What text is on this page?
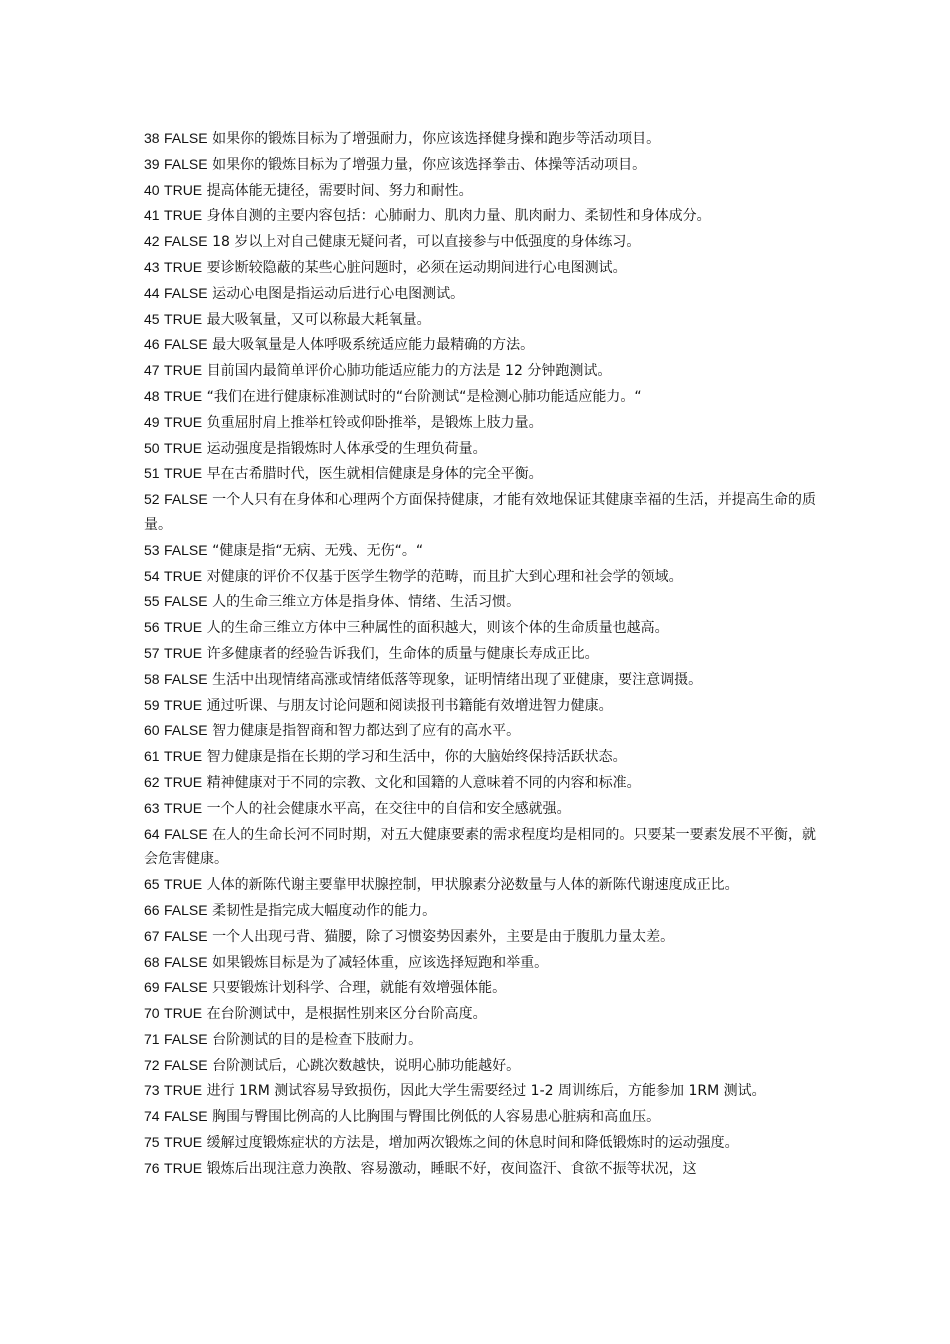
38 FALSE 如果你的锻炼目标为了增强耐力，你应该选择健身操和跑步等活动项目。

39 FALSE 如果你的锻炼目标为了增强力量，你应该选择拳击、体操等活动项目。

40 TRUE 提高体能无捷径，需要时间、努力和耐性。

41 TRUE 身体自测的主要内容包括：心肺耐力、肌肉力量、肌肉耐力、柔韧性和身体成分。

42 FALSE 18 岁以上对自己健康无疑问者，可以直接参与中低强度的身体练习。

43 TRUE 要诊断较隐蔽的某些心脏问题时，必须在运动期间进行心电图测试。

44 FALSE 运动心电图是指运动后进行心电图测试。

45 TRUE 最大吸氧量，又可以称最大耗氧量。

46 FALSE 最大吸氧量是人体呼吸系统适应能力最精确的方法。

47 TRUE 目前国内最简单评价心肺功能适应能力的方法是 12 分钟跑测试。

48 TRUE “我们在进行健康标准测试时的“台阶测试“是检测心肺功能适应能力。“

49 TRUE 负重屈肘肩上推举杠铃或仰卧推举，是锻炼上肢力量。

50 TRUE 运动强度是指锻炼时人体承受的生理负荷量。

51 TRUE 早在古希腊时代，医生就相信健康是身体的完全平衡。

52 FALSE 一个人只有在身体和心理两个方面保持健康，才能有效地保证其健康幸福的生活，并提高生命的质量。

53 FALSE “健康是指“无病、无残、无伤“。“

54 TRUE 对健康的评价不仅基于医学生物学的范畴，而且扩大到心理和社会学的领域。

55 FALSE 人的生命三维立方体是指身体、情绪、生活习惯。

56 TRUE 人的生命三维立方体中三种属性的面积越大，则该个体的生命质量也越高。

57 TRUE 许多健康者的经验告诉我们，生命体的质量与健康长寿成正比。

58 FALSE 生活中出现情绪高涨或情绪低落等现象，证明情绪出现了亚健康，要注意调摄。

59 TRUE 通过听课、与朋友讨论问题和阅读报刊书籍能有效增进智力健康。

60 FALSE 智力健康是指智商和智力都达到了应有的高水平。

61 TRUE 智力健康是指在长期的学习和生活中，你的大脑始终保持活跃状态。

62 TRUE 精神健康对于不同的宗教、文化和国籍的人意味着不同的内容和标准。

63 TRUE 一个人的社会健康水平高，在交往中的自信和安全感就强。

64 FALSE 在人的生命长河不同时期，对五大健康要素的需求程度均是相同的。只要某一要素发展不平衡，就会危害健康。

65 TRUE 人体的新陈代谢主要靠甲状腺控制，甲状腺素分泌数量与人体的新陈代谢速度成正比。

66 FALSE 柔韧性是指完成大幅度动作的能力。

67 FALSE 一个人出现弓背、猫腰，除了习惯姿势因素外，主要是由于腹肌力量太差。

68 FALSE 如果锻炼目标是为了减轻体重，应该选择短跑和举重。

69 FALSE 只要锻炼计划科学、合理，就能有效增强体能。

70 TRUE 在台阶测试中，是根据性别来区分台阶高度。

71 FALSE 台阶测试的目的是检查下肢耐力。

72 FALSE 台阶测试后，心跳次数越快，说明心肺功能越好。

73 TRUE 进行 1RM 测试容易导致损伤，因此大学生需要经过 1-2 周训练后，方能参加 1RM 测试。

74 FALSE 胸围与臀围比例高的人比胸围与臀围比例低的人容易患心脏病和高血压。

75 TRUE 缓解过度锻炼症状的方法是，增加两次锻炼之间的休息时间和降低锻炼时的运动强度。

76 TRUE 锻炼后出现注意力涣散、容易激动，睡眠不好，夜间盗汗、食欲不振等状况，这
